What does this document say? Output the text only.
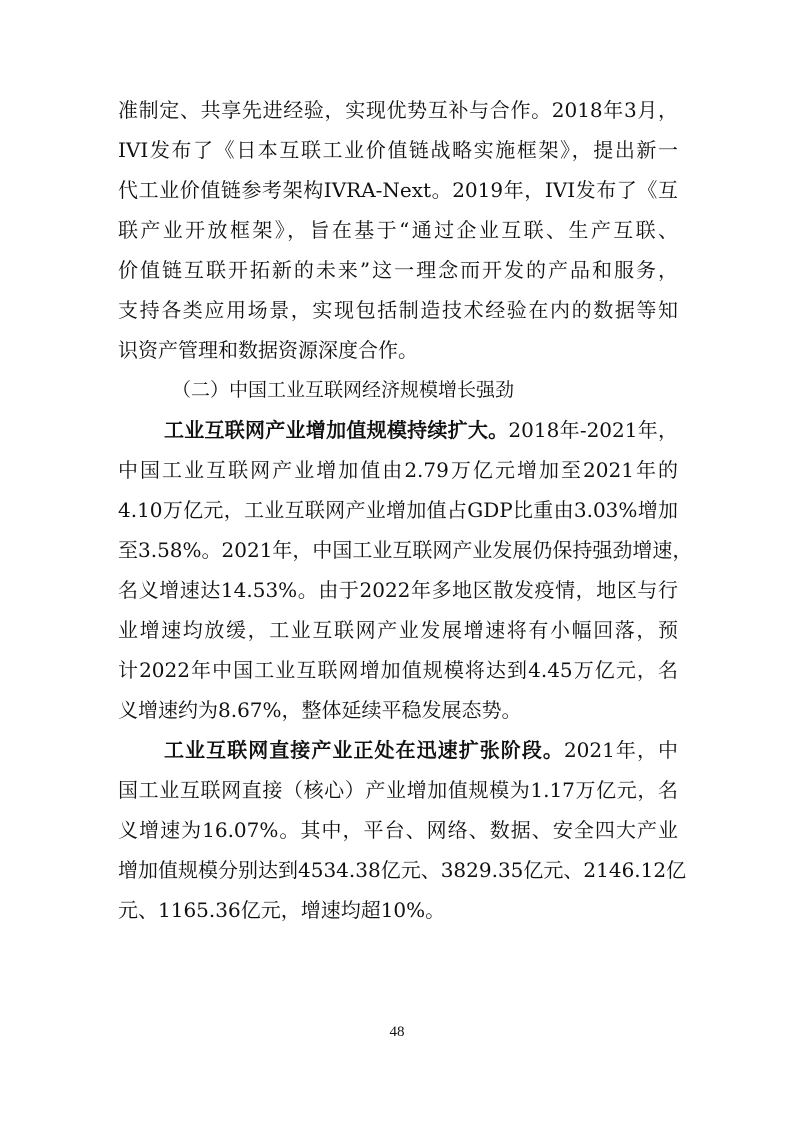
准制定、共享先进经验，实现优势互补与合作。2018年3月，
IVI发布了《日本互联工业价值链战略实施框架》，提出新一
代工业价值链参考架构IVRA-Next。2019年，IVI发布了《互
联产业开放框架》，旨在基于“通过企业互联、生产互联、
价值链互联开拓新的未来”这一理念而开发的产品和服务，
支持各类应用场景，实现包括制造技术经验在内的数据等知
识资产管理和数据资源深度合作。
（二）中国工业互联网经济规模增长强劲
工业互联网产业增加值规模持续扩大。2018年-2021年，
中国工业互联网产业增加值由2.79万亿元增加至2021年的
4.10万亿元，工业互联网产业增加值占GDP比重由3.03%增加
至3.58%。2021年，中国工业互联网产业发展仍保持强劲增速，
名义增速达14.53%。由于2022年多地区散发疫情，地区与行
业增速均放缓，工业互联网产业发展增速将有小幅回落，预
计2022年中国工业互联网增加值规模将达到4.45万亿元，名
义增速约为8.67%，整体延续平稳发展态势。
工业互联网直接产业正处在迅速扩张阶段。2021年，中
国工业互联网直接（核心）产业增加值规模为1.17万亿元，名
义增速为16.07%。其中，平台、网络、数据、安全四大产业
增加值规模分别达到4534.38亿元、3829.35亿元、2146.12亿
元、1165.36亿元，增速均超10%。
48
